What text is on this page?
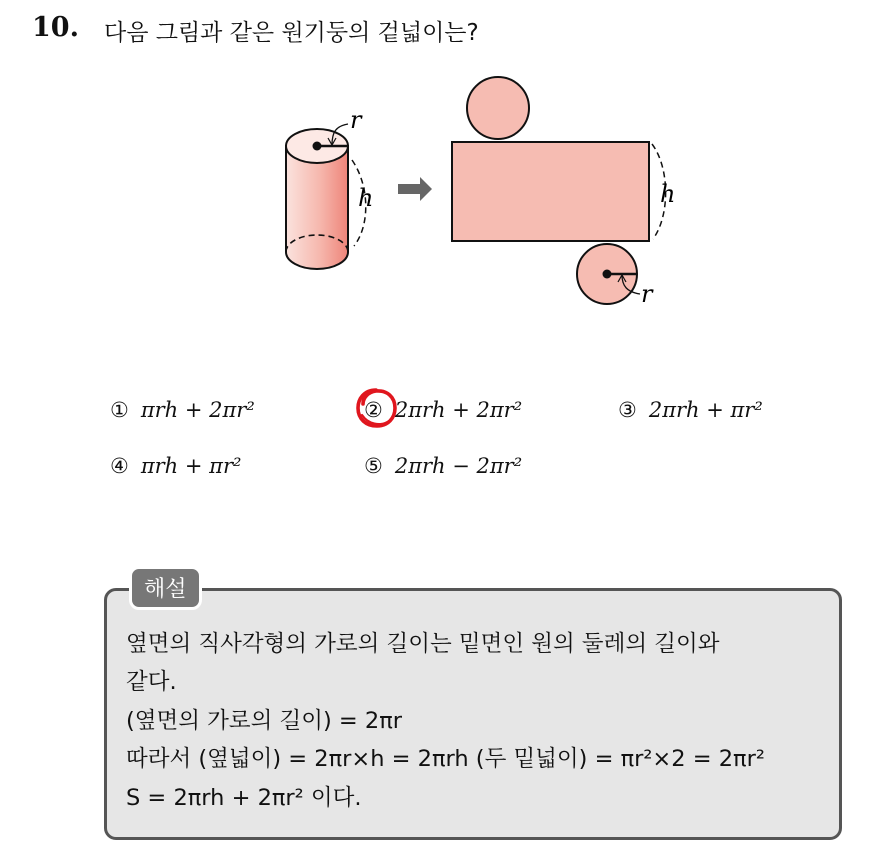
10. 다음 그림과 같은 원기둥의 겉넓이는?
r
h	h
r
① πrh + 2πr²	② 2πrh + 2πr²	③ 2πrh + πr²
④ πrh + πr²	⑤ 2πrh − 2πr²
해설
옆면의 직사각형의 가로의 길이는 밑면인 원의 둘레의 길이와
같다.
(옆면의 가로의 길이) = 2πr
따라서 (옆넓이) = 2πr×h = 2πrh (두 밑넓이) = πr²×2 = 2πr²
S = 2πrh + 2πr² 이다.
